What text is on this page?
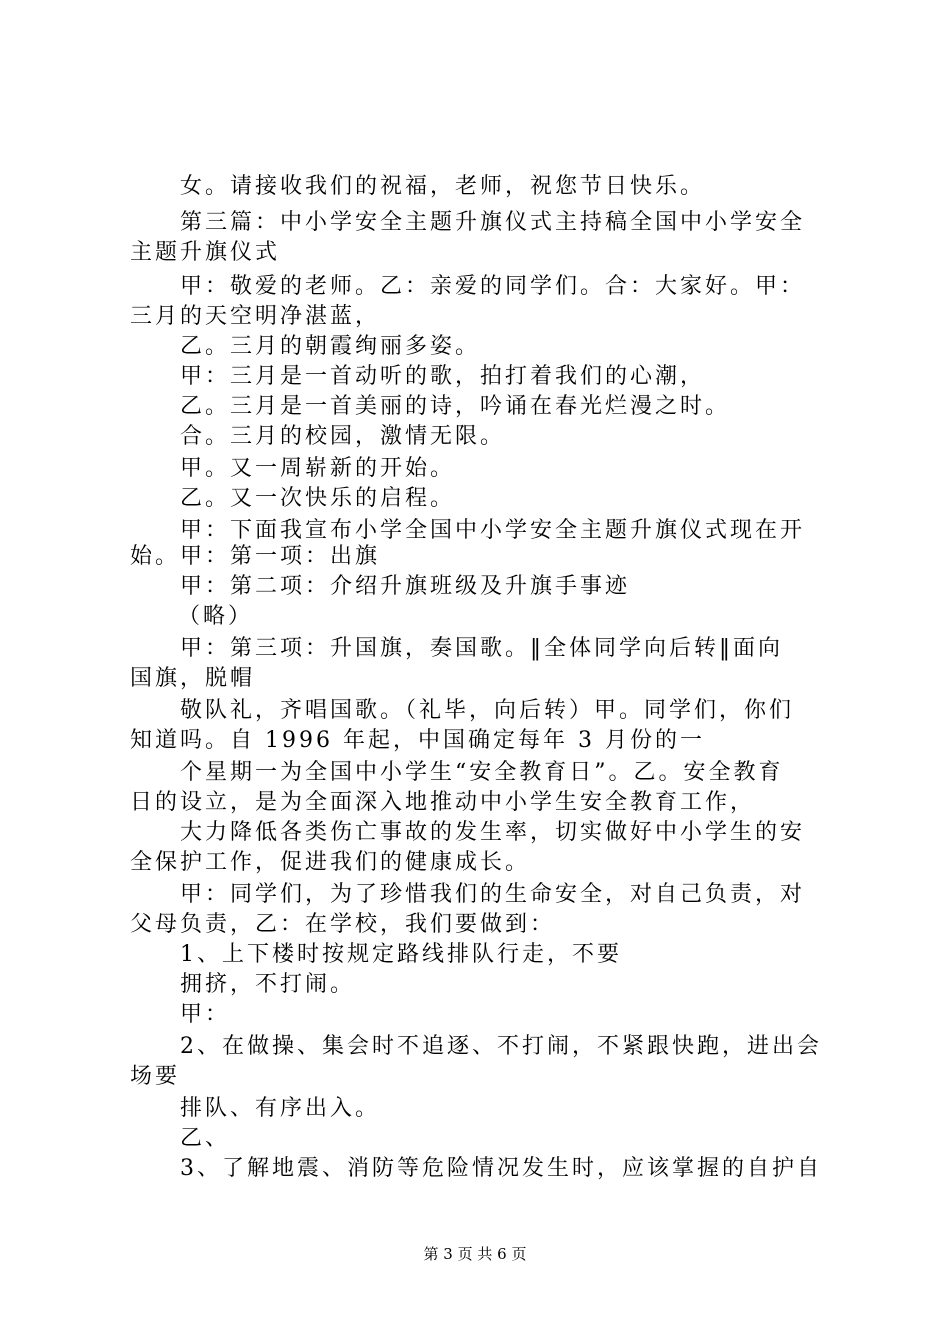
女。请接收我们的祝福，老师，祝您节日快乐。
第三篇：中小学安全主题升旗仪式主持稿全国中小学安全
主题升旗仪式
甲：敬爱的老师。乙：亲爱的同学们。合：大家好。甲：
三月的天空明净湛蓝，
乙。三月的朝霞绚丽多姿。
甲：三月是一首动听的歌，拍打着我们的心潮，
乙。三月是一首美丽的诗，吟诵在春光烂漫之时。
合。三月的校园，激情无限。
甲。又一周崭新的开始。
乙。又一次快乐的启程。
甲：下面我宣布小学全国中小学安全主题升旗仪式现在开
始。甲：第一项：出旗
甲：第二项：介绍升旗班级及升旗手事迹
（略）
甲：第三项：升国旗，奏国歌。‖全体同学向后转‖面向
国旗，脱帽
敬队礼，齐唱国歌。（礼毕，向后转）甲。同学们，你们
知道吗。自 1996 年起，中国确定每年 3 月份的一
个星期一为全国中小学生“安全教育日”。乙。安全教育
日的设立，是为全面深入地推动中小学生安全教育工作，
大力降低各类伤亡事故的发生率，切实做好中小学生的安
全保护工作，促进我们的健康成长。
甲：同学们，为了珍惜我们的生命安全，对自己负责，对
父母负责，乙：在学校，我们要做到：
1、上下楼时按规定路线排队行走，不要
拥挤，不打闹。
甲：
2、在做操、集会时不追逐、不打闹，不紧跟快跑，进出会
场要
排队、有序出入。
乙、
3、了解地震、消防等危险情况发生时，应该掌握的自护自
第 3 页 共 6 页
